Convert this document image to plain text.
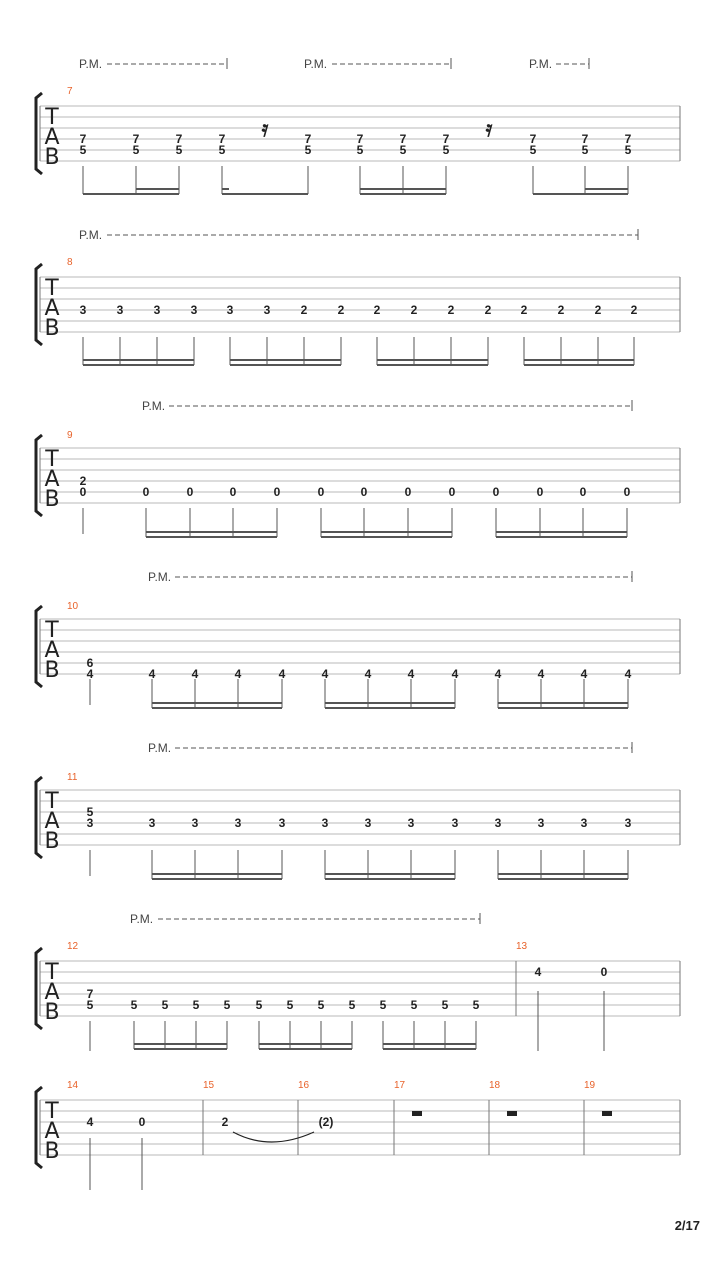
T
A
B
7
P.M.	P.M.	P.M.
7
5
7
5
7
5
7
5
𝄿	7
5
7
5
7
5
7
5
𝄿	7
5
7
5
7
5
T
A
B
8
P.M.
3	3	3	3 3	3	2	2 2	2	2	2 2	2	2 2
T
A
B
9
P.M.
2
0	0	0	0	0	0	0	0	0	0	0	0	0
T
A
B
10
P.M.
6
4	4	4	4	4	4	4	4	4	4	4	4	4
T
A
B
11
P.M.
5
3	3	3	3	3	3	3	3	3	3	3	3	3
T
A
B
12	13
P.M.
7
5	5 5 5 5 5 5 5 5 5 5 5 5
4	0
T
A
B
14	15	16	17	18	19
4	0	2	(2)
2/17
